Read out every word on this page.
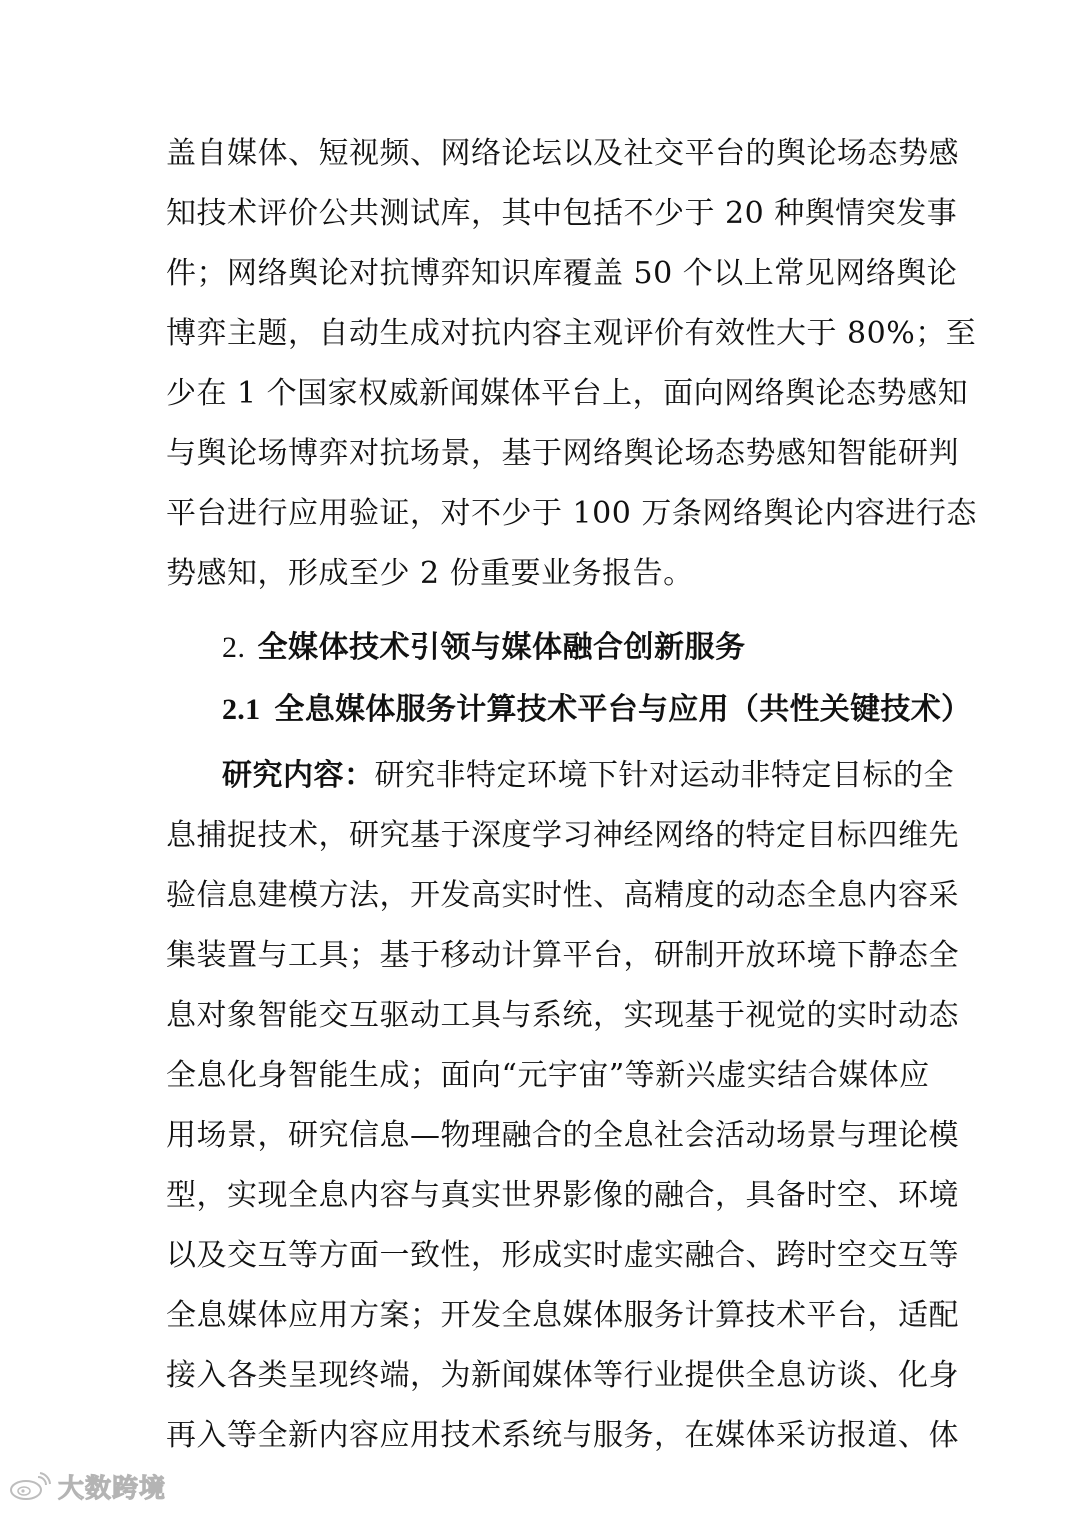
盖自媒体、短视频、网络论坛以及社交平台的舆论场态势感
知技术评价公共测试库，其中包括不少于 20 种舆情突发事
件；网络舆论对抗博弈知识库覆盖 50 个以上常见网络舆论
博弈主题，自动生成对抗内容主观评价有效性大于 80%；至
少在 1 个国家权威新闻媒体平台上，面向网络舆论态势感知
与舆论场博弈对抗场景，基于网络舆论场态势感知智能研判
平台进行应用验证，对不少于 100 万条网络舆论内容进行态
势感知，形成至少 2 份重要业务报告。
2. 全媒体技术引领与媒体融合创新服务
2.1 全息媒体服务计算技术平台与应用（共性关键技术）
研究内容：研究非特定环境下针对运动非特定目标的全
息捕捉技术，研究基于深度学习神经网络的特定目标四维先
验信息建模方法，开发高实时性、高精度的动态全息内容采
集装置与工具；基于移动计算平台，研制开放环境下静态全
息对象智能交互驱动工具与系统，实现基于视觉的实时动态
全息化身智能生成；面向“元宇宙”等新兴虚实结合媒体应
用场景，研究信息—物理融合的全息社会活动场景与理论模
型，实现全息内容与真实世界影像的融合，具备时空、环境
以及交互等方面一致性，形成实时虚实融合、跨时空交互等
全息媒体应用方案；开发全息媒体服务计算技术平台，适配
接入各类呈现终端，为新闻媒体等行业提供全息访谈、化身
再入等全新内容应用技术系统与服务，在媒体采访报道、体
大数跨境
